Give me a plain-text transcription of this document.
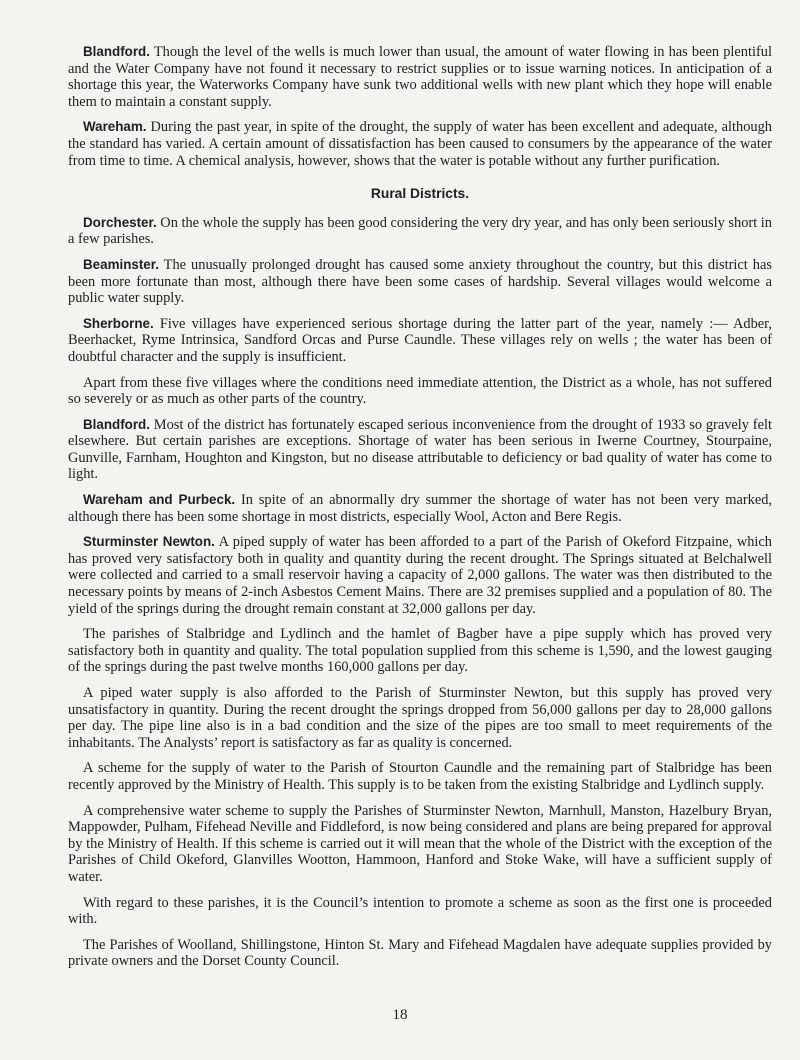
Blandford. Though the level of the wells is much lower than usual, the amount of water flowing in has been plentiful and the Water Company have not found it necessary to restrict supplies or to issue warning notices. In anticipation of a shortage this year, the Waterworks Company have sunk two additional wells with new plant which they hope will enable them to maintain a constant supply.

Wareham. During the past year, in spite of the drought, the supply of water has been excellent and adequate, although the standard has varied. A certain amount of dissatisfaction has been caused to consumers by the appearance of the water from time to time. A chemical analysis, however, shows that the water is potable without any further purification.

Rural Districts.

Dorchester. On the whole the supply has been good considering the very dry year, and has only been seriously short in a few parishes.

Beaminster. The unusually prolonged drought has caused some anxiety throughout the country, but this district has been more fortunate than most, although there have been some cases of hardship. Several villages would welcome a public water supply.

Sherborne. Five villages have experienced serious shortage during the latter part of the year, namely :— Adber, Beerhacket, Ryme Intrinsica, Sandford Orcas and Purse Caundle. These villages rely on wells ; the water has been of doubtful character and the supply is insufficient.

Apart from these five villages where the conditions need immediate attention, the District as a whole, has not suffered so severely or as much as other parts of the country.

Blandford. Most of the district has fortunately escaped serious inconvenience from the drought of 1933 so gravely felt elsewhere. But certain parishes are exceptions. Shortage of water has been serious in Iwerne Courtney, Stourpaine, Gunville, Farnham, Houghton and Kingston, but no disease attributable to deficiency or bad quality of water has come to light.

Wareham and Purbeck. In spite of an abnormally dry summer the shortage of water has not been very marked, although there has been some shortage in most districts, especially Wool, Acton and Bere Regis.

Sturminster Newton. A piped supply of water has been afforded to a part of the Parish of Okeford Fitzpaine, which has proved very satisfactory both in quality and quantity during the recent drought. The Springs situated at Belchalwell were collected and carried to a small reservoir having a capacity of 2,000 gallons. The water was then distributed to the necessary points by means of 2-inch Asbestos Cement Mains. There are 32 premises supplied and a population of 80. The yield of the springs during the drought remain constant at 32,000 gallons per day.

The parishes of Stalbridge and Lydlinch and the hamlet of Bagber have a pipe supply which has proved very satisfactory both in quantity and quality. The total population supplied from this scheme is 1,590, and the lowest gauging of the springs during the past twelve months 160,000 gallons per day.

A piped water supply is also afforded to the Parish of Sturminster Newton, but this supply has proved very unsatisfactory in quantity. During the recent drought the springs dropped from 56,000 gallons per day to 28,000 gallons per day. The pipe line also is in a bad condition and the size of the pipes are too small to meet requirements of the inhabitants. The Analysts’ report is satisfactory as far as quality is concerned.

A scheme for the supply of water to the Parish of Stourton Caundle and the remaining part of Stalbridge has been recently approved by the Ministry of Health. This supply is to be taken from the existing Stalbridge and Lydlinch supply.

A comprehensive water scheme to supply the Parishes of Sturminster Newton, Marnhull, Manston, Hazelbury Bryan, Mappowder, Pulham, Fifehead Neville and Fiddleford, is now being considered and plans are being prepared for approval by the Ministry of Health. If this scheme is carried out it will mean that the whole of the District with the exception of the Parishes of Child Okeford, Glanvilles Wootton, Hammoon, Hanford and Stoke Wake, will have a sufficient supply of water.

With regard to these parishes, it is the Council’s intention to promote a scheme as soon as the first one is proceeded with.

The Parishes of Woolland, Shillingstone, Hinton St. Mary and Fifehead Magdalen have adequate supplies provided by private owners and the Dorset County Council.

18
